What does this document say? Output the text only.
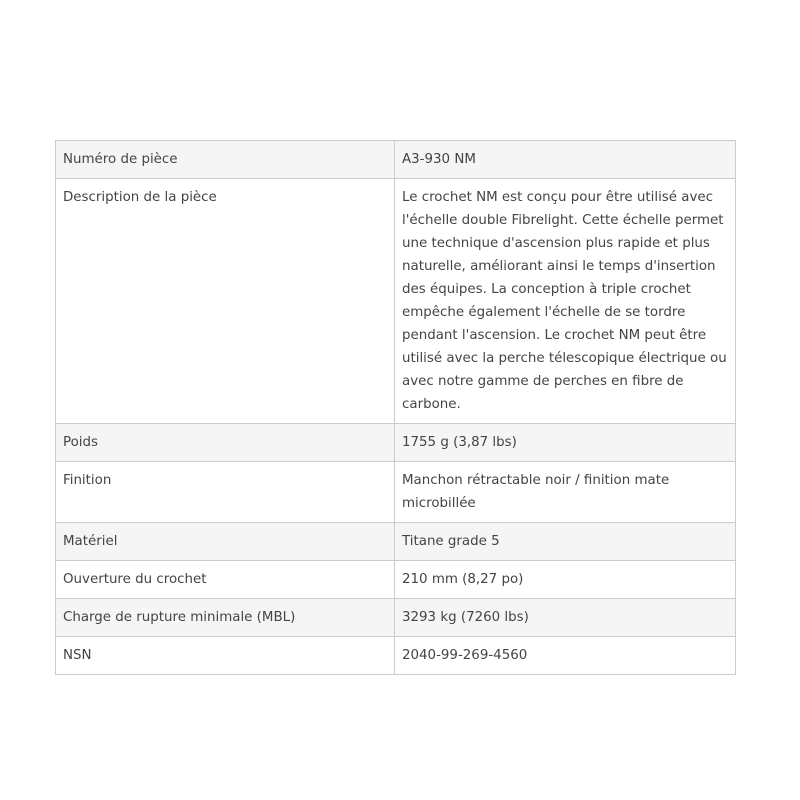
Numéro de pièce	A3-930 NM
Description de la pièce	Le crochet NM est conçu pour être utilisé avec l'échelle double Fibrelight. Cette échelle permet une technique d'ascension plus rapide et plus naturelle, améliorant ainsi le temps d'insertion des équipes. La conception à triple crochet empêche également l'échelle de se tordre pendant l'ascension. Le crochet NM peut être utilisé avec la perche télescopique électrique ou avec notre gamme de perches en fibre de carbone.
Poids	1755 g (3,87 lbs)
Finition	Manchon rétractable noir / finition mate microbillée
Matériel	Titane grade 5
Ouverture du crochet	210 mm (8,27 po)
Charge de rupture minimale (MBL)	3293 kg (7260 lbs)
NSN	2040-99-269-4560
